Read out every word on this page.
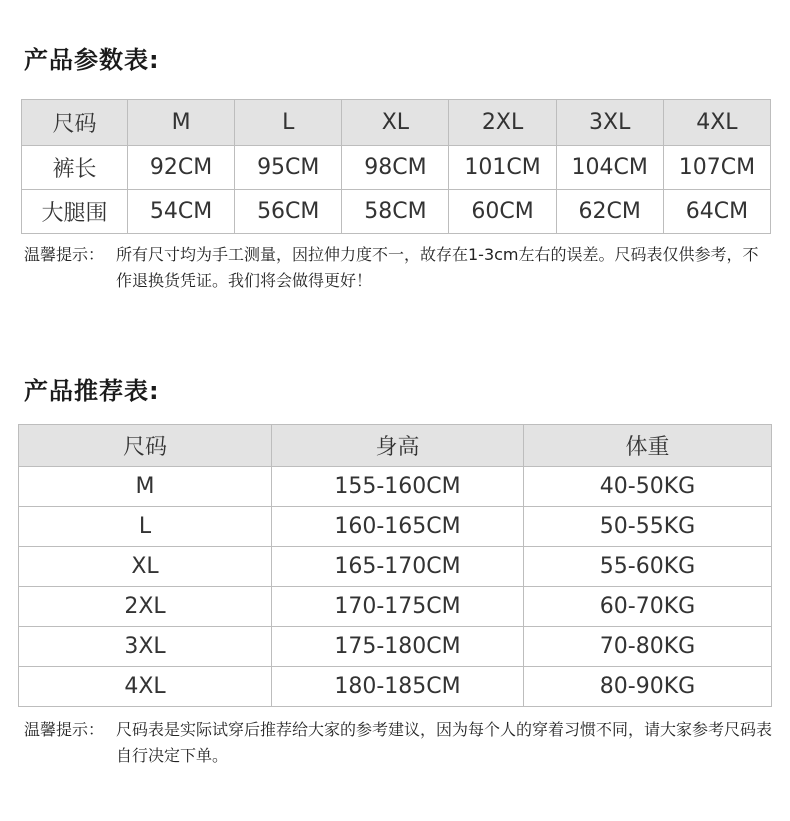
产品参数表:
尺码	M	L	XL	2XL	3XL	4XL
裤长	92CM	95CM	98CM	101CM	104CM	107CM
大腿围	54CM	56CM	58CM	60CM	62CM	64CM
温馨提示： 所有尺寸均为手工测量，因拉伸力度不一，故存在1-3cm左右的误差。尺码表仅供参考，不作退换货凭证。我们将会做得更好！
产品推荐表:
尺码	身高	体重
M	155-160CM	40-50KG
L	160-165CM	50-55KG
XL	165-170CM	55-60KG
2XL	170-175CM	60-70KG
3XL	175-180CM	70-80KG
4XL	180-185CM	80-90KG
温馨提示： 尺码表是实际试穿后推荐给大家的参考建议，因为每个人的穿着习惯不同，请大家参考尺码表自行决定下单。
